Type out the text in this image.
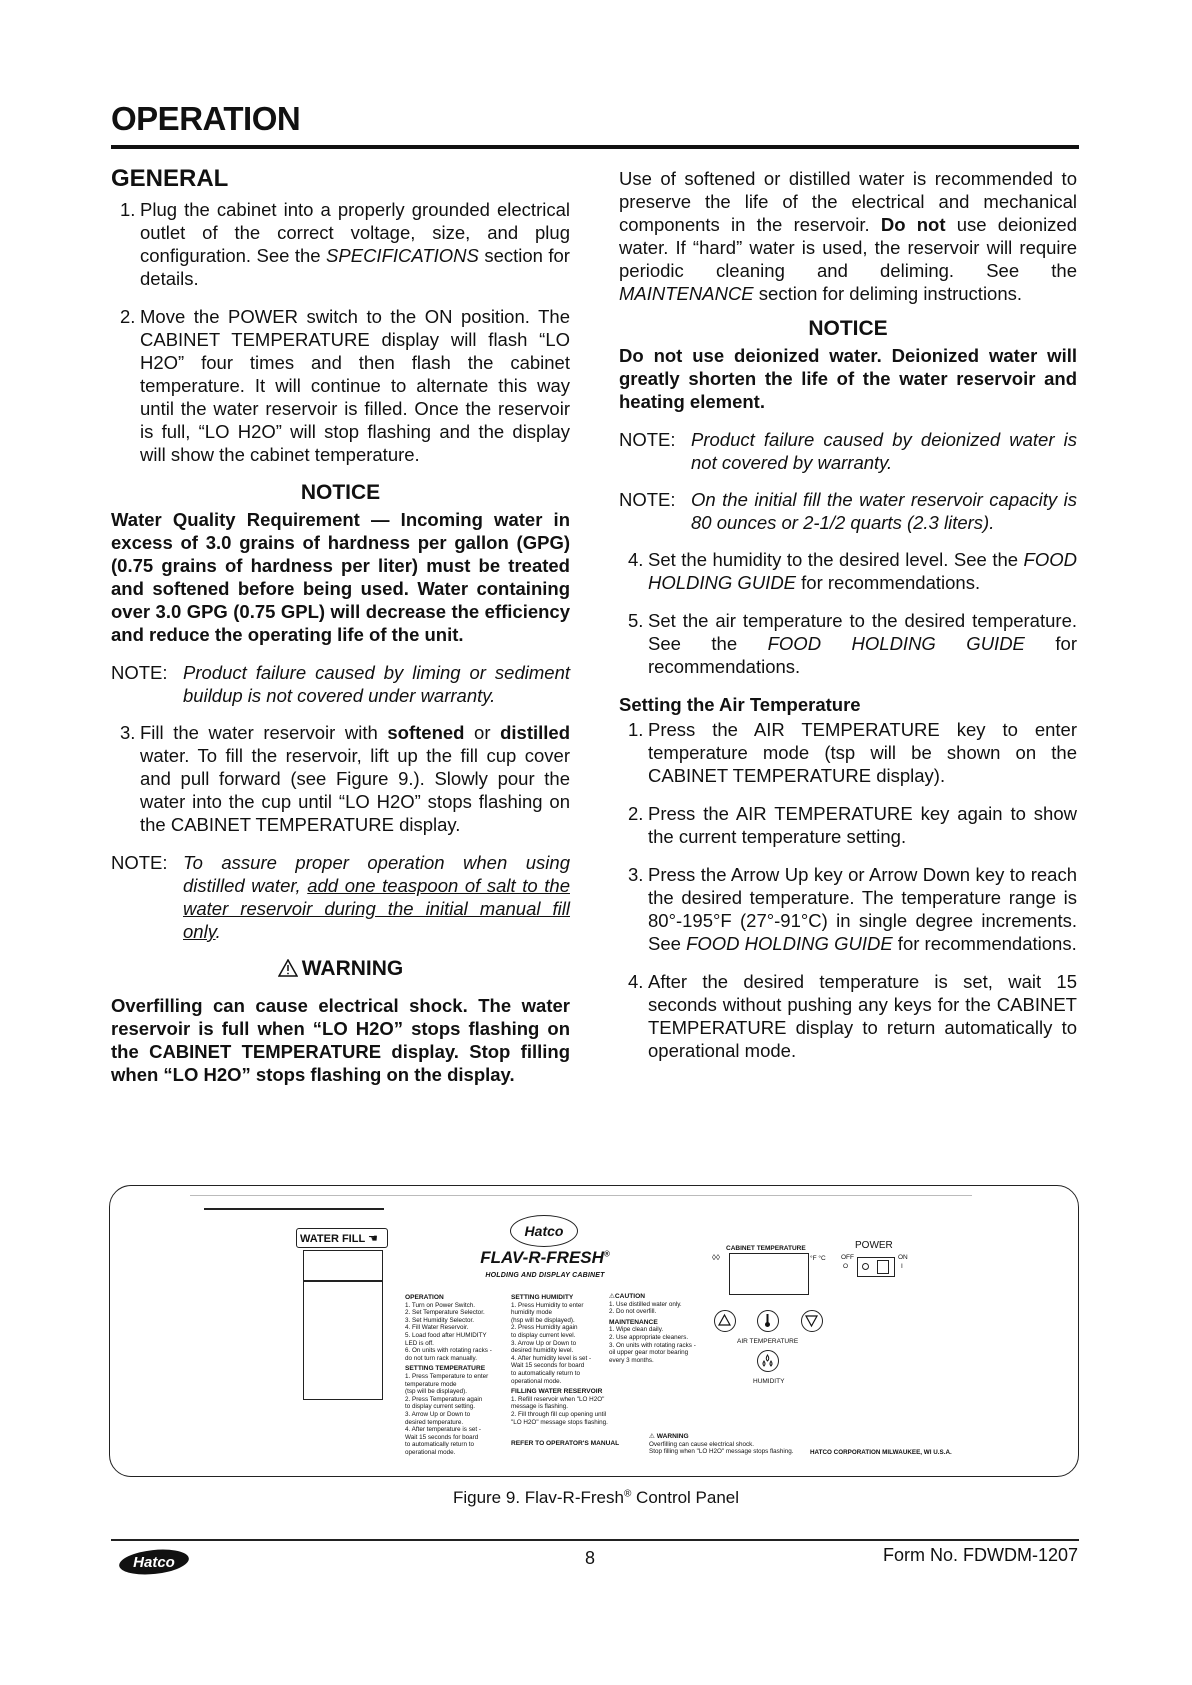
OPERATION
GENERAL
1. Plug the cabinet into a properly grounded electrical outlet of the correct voltage, size, and plug configuration. See the SPECIFICATIONS section for details.
2. Move the POWER switch to the ON position. The CABINET TEMPERATURE display will flash “LO H2O” four times and then flash the cabinet temperature. It will continue to alternate this way until the water reservoir is filled. Once the reservoir is full, “LO H2O” will stop flashing and the display will show the cabinet temperature.
NOTICE
Water Quality Requirement — Incoming water in excess of 3.0 grains of hardness per gallon (GPG) (0.75 grains of hardness per liter) must be treated and softened before being used. Water containing over 3.0 GPG (0.75 GPL) will decrease the efficiency and reduce the operating life of the unit.
NOTE: Product failure caused by liming or sediment buildup is not covered under warranty.
3. Fill the water reservoir with softened or distilled water. To fill the reservoir, lift up the fill cup cover and pull forward (see Figure 9.). Slowly pour the water into the cup until “LO H2O” stops flashing on the CABINET TEMPERATURE display.
NOTE: To assure proper operation when using distilled water, add one teaspoon of salt to the water reservoir during the initial manual fill only.
WARNING
Overfilling can cause electrical shock. The water reservoir is full when “LO H2O” stops flashing on the CABINET TEMPERATURE display. Stop filling when “LO H2O” stops flashing on the display.

Use of softened or distilled water is recommended to preserve the life of the electrical and mechanical components in the reservoir. Do not use deionized water. If “hard” water is used, the reservoir will require periodic cleaning and deliming. See the MAINTENANCE section for deliming instructions.

NOTICE
Do not use deionized water. Deionized water will greatly shorten the life of the water reservoir and heating element.
NOTE: Product failure caused by deionized water is not covered by warranty.
NOTE: On the initial fill the water reservoir capacity is 80 ounces or 2-1/2 quarts (2.3 liters).
4. Set the humidity to the desired level. See the FOOD HOLDING GUIDE for recommendations.
5. Set the air temperature to the desired temperature. See the FOOD HOLDING GUIDE for recommendations.
Setting the Air Temperature
1. Press the AIR TEMPERATURE key to enter temperature mode (tsp will be shown on the CABINET TEMPERATURE display).
2. Press the AIR TEMPERATURE key again to show the current temperature setting.
3. Press the Arrow Up key or Arrow Down key to reach the desired temperature. The temperature range is 80°-195°F (27°-91°C) in single degree increments. See FOOD HOLDING GUIDE for recommendations.
4. After the desired temperature is set, wait 15 seconds without pushing any keys for the CABINET TEMPERATURE display to return automatically to operational mode.
WATER FILL ☚	Hatco
FLAV-R-FRESH®
HOLDING AND DISPLAY CABINET
OPERATION
1. Turn on Power Switch.
2. Set Temperature Selector.
3. Set Humidity Selector.
4. Fill Water Reservoir.
5. Load food after HUMIDITY
LED is off.
6. On units with rotating racks -
do not turn rack manually.
SETTING TEMPERATURE
1. Press Temperature to enter
temperature mode
(tsp will be displayed).
2. Press Temperature again
to display current setting.
3. Arrow Up or Down to
desired temperature.
4. After temperature is set -
Wait 15 seconds for board
to automatically return to
operational mode.
SETTING HUMIDITY
1. Press Humidity to enter
humidity mode
(hsp will be displayed).
2. Press Humidity again
to display current level.
3. Arrow Up or Down to
desired humidity level.
4. After humidity level is set -
Wait 15 seconds for board
to automatically return to
operational mode.
FILLING WATER RESERVOIR
1. Refill reservoir when "LO H2O"
message is flashing.
2. Fill through fill cup opening until
"LO H2O" message stops flashing.
REFER TO OPERATOR'S MANUAL
⚠CAUTION
1. Use distilled water only.
2. Do not overfill.
MAINTENANCE
1. Wipe clean daily.
2. Use appropriate cleaners.
3. On units with rotating racks -
oil upper gear motor bearing
every 3 months.
⚠ WARNING
Overfilling can cause electrical shock.
Stop filling when "LO H2O" message stops flashing.	HATCO CORPORATION MILWAUKEE, WI U.S.A.
CABINET TEMPERATURE
◊◊	°F °C
POWER
OFF	ON
O	I
AIR TEMPERATURE
HUMIDITY
Figure 9. Flav-R-Fresh® Control Panel
Hatco	8	Form No. FDWDM-1207
